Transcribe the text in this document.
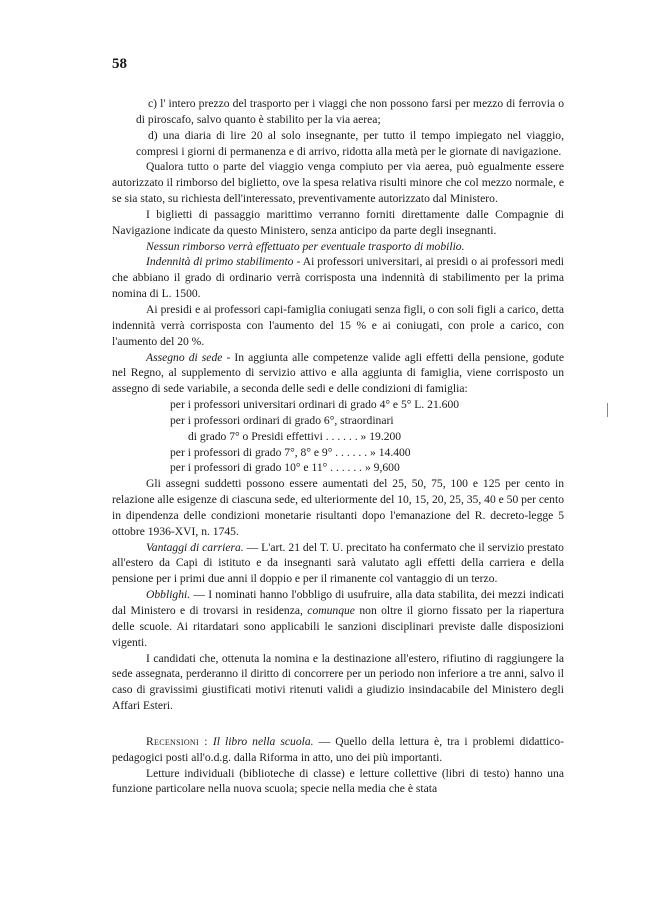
58

c) l' intero prezzo del trasporto per i viaggi che non possono farsi per mezzo di ferrovia o di piroscafo, salvo quanto è stabilito per la via aerea;

d) una diaria di lire 20 al solo insegnante, per tutto il tempo impiegato nel viaggio, compresi i giorni di permanenza e di arrivo, ridotta alla metà per le giornate di navigazione.

Qualora tutto o parte del viaggio venga compiuto per via aerea, può egualmente essere autorizzato il rimborso del biglietto, ove la spesa relativa risulti minore che col mezzo normale, e se sia stato, su richiesta dell'interessato, preventivamente autorizzato dal Ministero.

I biglietti di passaggio marittimo verranno forniti direttamente dalle Compagnie di Navigazione indicate da questo Ministero, senza anticipo da parte degli insegnanti.

Nessun rimborso verrà effettuato per eventuale trasporto di mobilio.

Indennità di primo stabilimento - Ai professori universitari, ai presidi o ai professori medi che abbiano il grado di ordinario verrà corrisposta una indennità di stabilimento per la prima nomina di L. 1500.

Ai presidi e ai professori capi-famiglia coniugati senza figli, o con soli figli a carico, detta indennità verrà corrisposta con l'aumento del 15 % e ai coniugati, con prole a carico, con l'aumento del 20 %.

Assegno di sede - In aggiunta alle competenze valide agli effetti della pensione, godute nel Regno, al supplemento di servizio attivo e alla aggiunta di famiglia, viene corrisposto un assegno di sede variabile, a seconda delle sedi e delle condizioni di famiglia:

per i professori universitari ordinari di grado 4° e 5° L. 21.600
per i professori ordinari di grado 6°, straordinari
di grado 7° o Presidi effettivi . . . . . . » 19.200
per i professori di grado 7°, 8° e 9° . . . . . . » 14.400
per i professori di grado 10° e 11° . . . . . . » 9,600

Gli assegni suddetti possono essere aumentati del 25, 50, 75, 100 e 125 per cento in relazione alle esigenze di ciascuna sede, ed ulteriormente del 10, 15, 20, 25, 35, 40 e 50 per cento in dipendenza delle condizioni monetarie risultanti dopo l'emanazione del R. decreto-legge 5 ottobre 1936-XVI, n. 1745.

Vantaggi di carriera. — L'art. 21 del T. U. precitato ha confermato che il servizio prestato all'estero da Capi di istituto e da insegnanti sarà valutato agli effetti della carriera e della pensione per i primi due anni il doppio e per il rimanente col vantaggio di un terzo.

Obblighi. — I nominati hanno l'obbligo di usufruire, alla data stabilita, dei mezzi indicati dal Ministero e di trovarsi in residenza, comunque non oltre il giorno fissato per la riapertura delle scuole. Ai ritardatari sono applicabili le sanzioni disciplinari previste dalle disposizioni vigenti.

I candidati che, ottenuta la nomina e la destinazione all'estero, rifiutino di raggiungere la sede assegnata, perderanno il diritto di concorrere per un periodo non inferiore a tre anni, salvo il caso di gravissimi giustificati motivi ritenuti validi a giudizio insindacabile del Ministero degli Affari Esteri.

Recensioni : Il libro nella scuola. — Quello della lettura è, tra i problemi didattico-pedagogici posti all'o.d.g. dalla Riforma in atto, uno dei più importanti.

Letture individuali (biblioteche di classe) e letture collettive (libri di testo) hanno una funzione particolare nella nuova scuola; specie nella media che è stata
